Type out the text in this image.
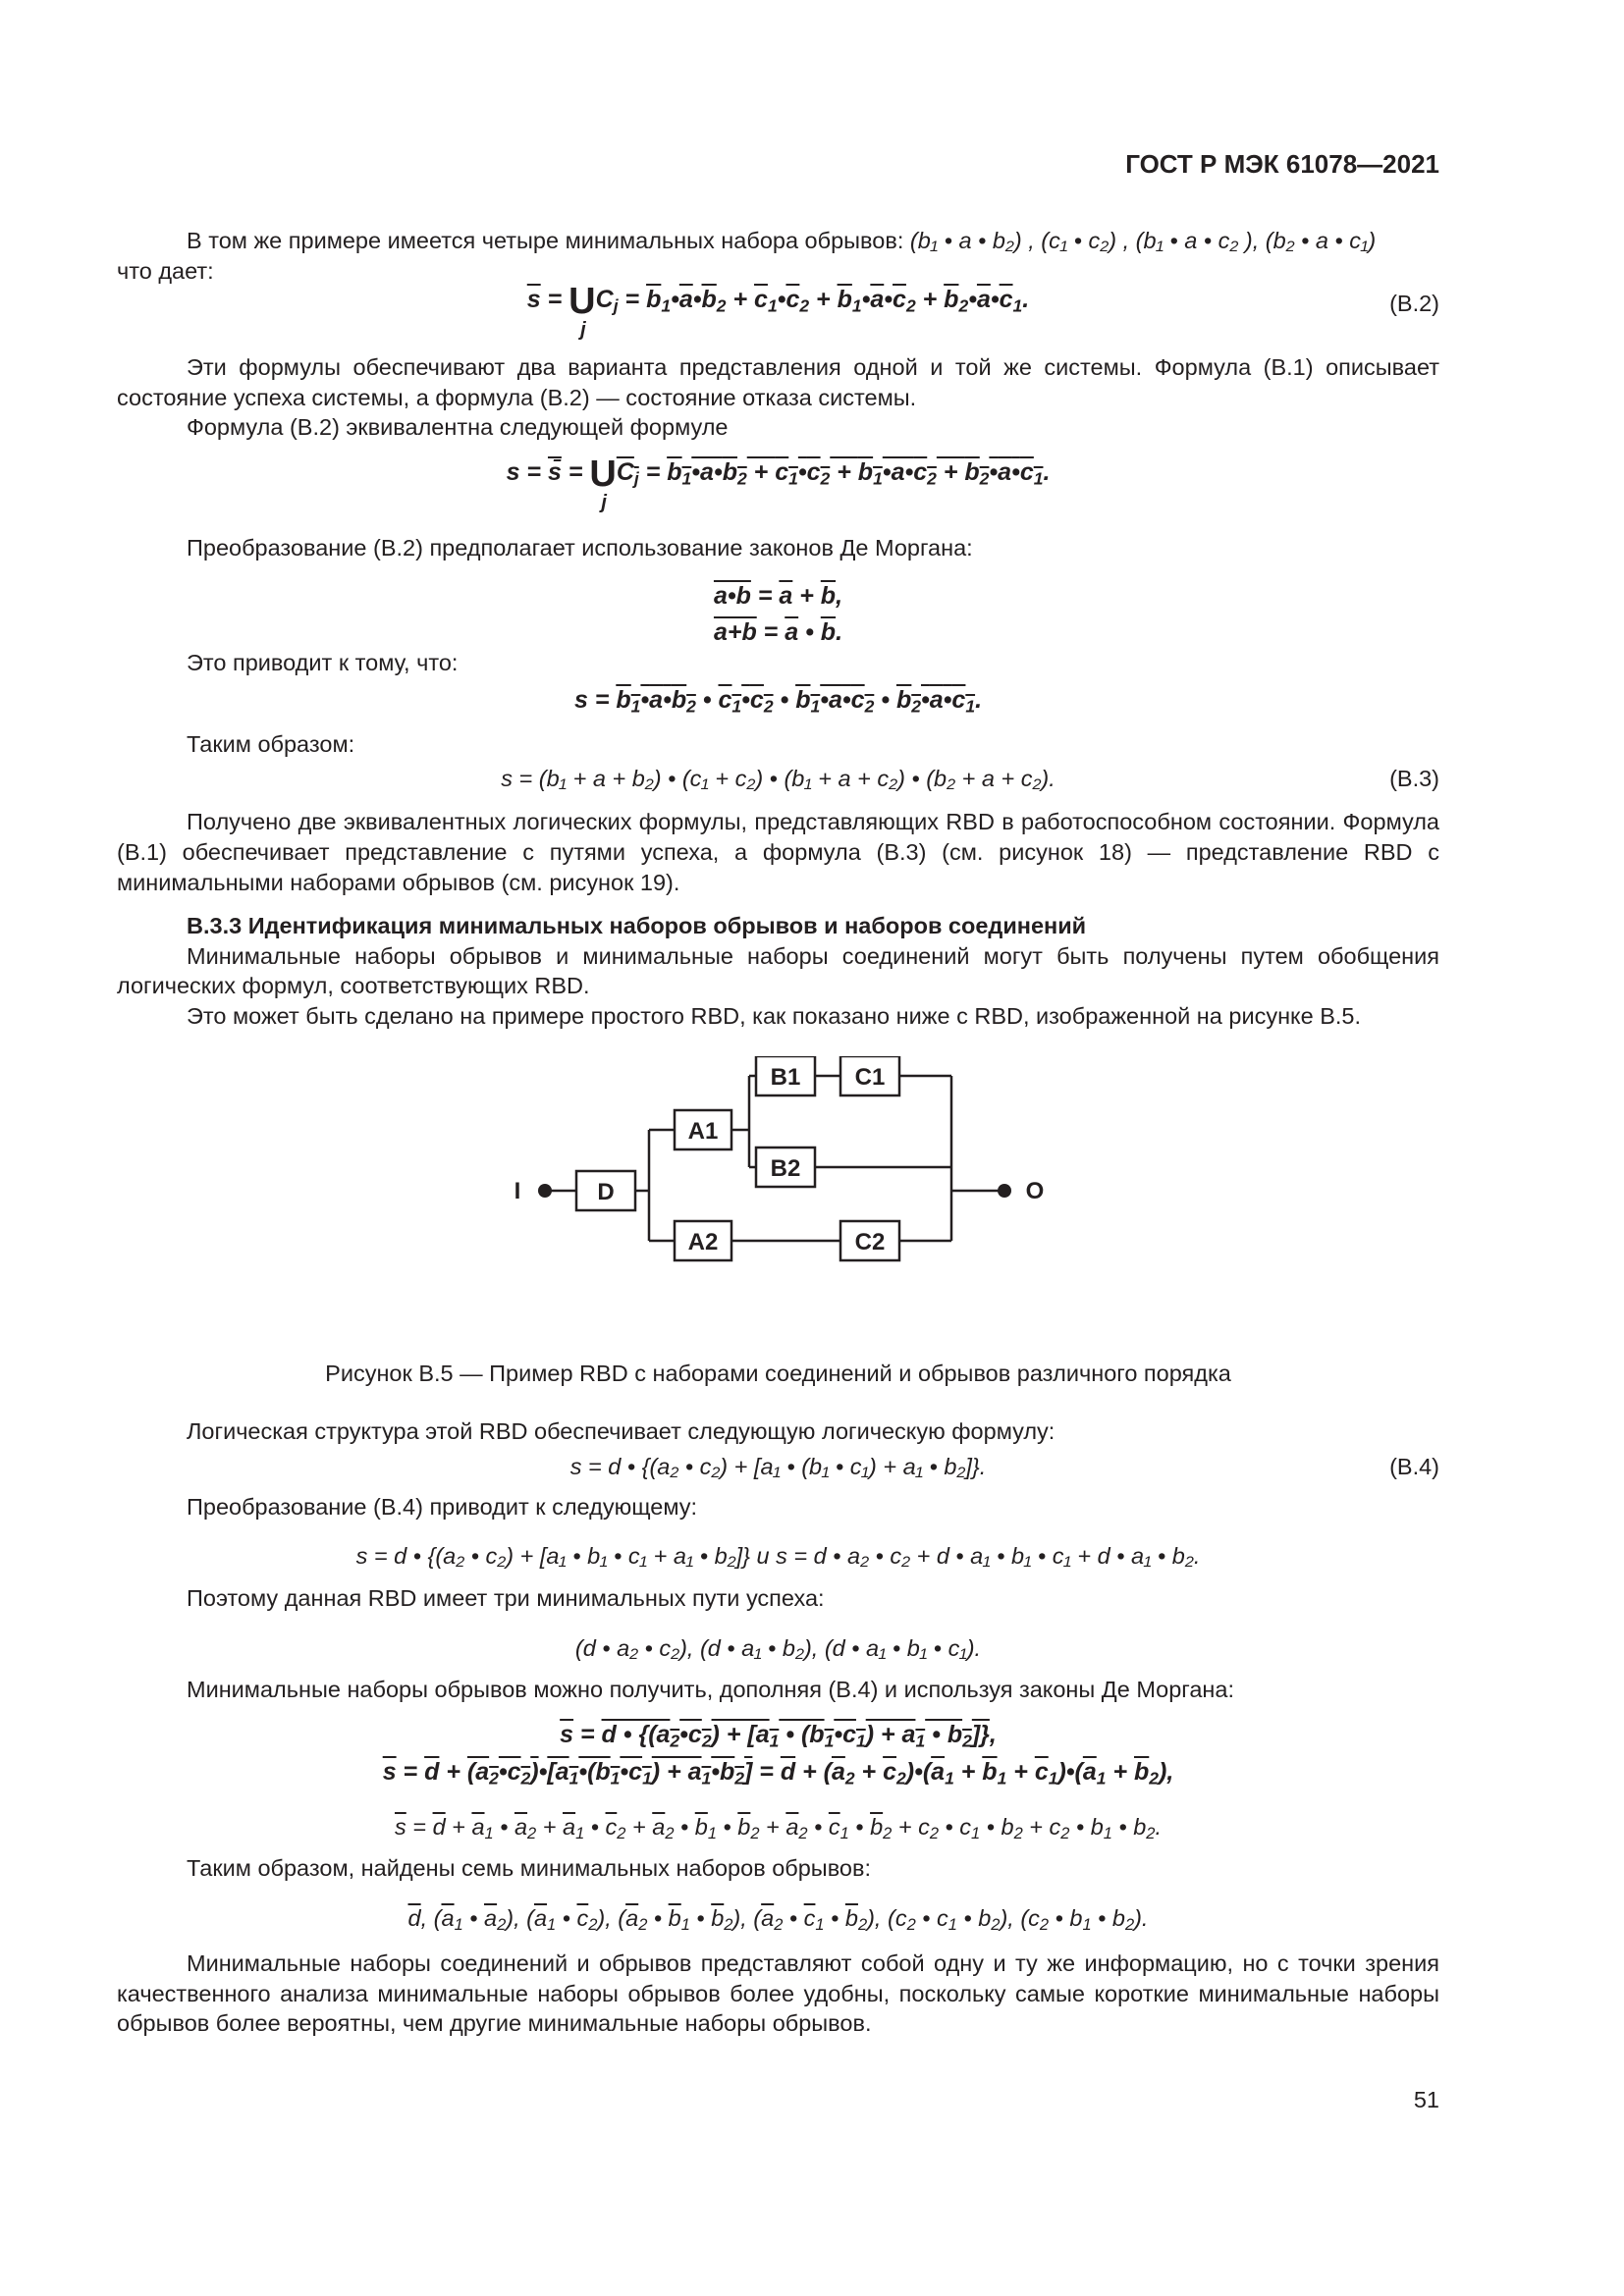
ГОСТ Р МЭК 61078—2021

В том же примере имеется четыре минимальных набора обрывов: (b₁ • a • b₂) , (c₁ • c₂) , (b₁ • a • c₂ ), (b₂ • a • c₁)

что дает:

$\overline{s} = U$
j
$C_j$ = $\overline{b}_1•\overline{a}•\overline{b}_2$ + $\overline{c}_1•\overline{c}_2$ + $\overline{b}_1•\overline{a}•\overline{c}_2$ + $\overline{b}_2•\overline{a}•\overline{c}_1$.	(В.2)

Эти формулы обеспечивают два варианта представления одной и той же системы. Формула (В.1) описывает состояние успеха системы, а формула (В.2) — состояние отказа системы.

Формула (В.2) эквивалентна следующей формуле

s = s̄ = U
j
$C_j$ = $b_1•a•b_2$ + $c_1•c_2$ + $b_1•a•c_2$ + $b_2•a•c_1$.

Преобразование (В.2) предполагает использование законов Де Моргана:

a•b = $\overline{a} + \overline{b}$,
$a+b = \overline{a}$ • $\overline{b}$.

Это приводит к тому, что:

$s = b_1•a•b_2$ • $c_1•c_2$ • $b_1•a•c_2$ • $b_2•a•c_1$.

Таким образом:

s = (b₁ + a + b₂) • (c₁ + c₂) • (b₁ + a + c₂) • (b₂ + a + c₂).	(В.3)

Получено две эквивалентных логических формулы, представляющих RBD в работоспособном состоянии. Формула (В.1) обеспечивает представление с путями успеха, а формула (В.3) (см. рисунок 18) — представление RBD с минимальными наборами обрывов (см. рисунок 19).

В.3.3 Идентификация минимальных наборов обрывов и наборов соединений

Минимальные наборы обрывов и минимальные наборы соединений могут быть получены путем обобщения логических формул, соответствующих RBD.

Это может быть сделано на примере простого RBD, как показано ниже с RBD, изображенной на рисунке В.5.

I	O
D
A1
A2
B1
B2
C1
C2

Рисунок В.5 — Пример RBD с наборами соединений и обрывов различного порядка

Логическая структура этой RBD обеспечивает следующую логическую формулу:

s = d • {(a₂ • c₂) + [a₁ • (b₁ • c₁) + a₁ • b₂]}.	(В.4)

Преобразование (В.4) приводит к следующему:

s = d • {(a₂ • c₂) + [a₁ • b₁ • c₁ + a₁ • b₂]} и s = d • a₂ • c₂ + d • a₁ • b₁ • c₁ + d • a₁ • b₂.

Поэтому данная RBD имеет три минимальных пути успеха:

(d • a₂ • c₂), (d • a₁ • b₂), (d • a₁ • b₁ • c₁).

Минимальные наборы обрывов можно получить, дополняя (В.4) и используя законы Де Моргана:

$\overline{s} = d$ • {$(a_2•c_2) + [a_1$ • $(b_1•c_1) + a_1$ • $b_2$]},
$\overline{s} = \overline{d}$ + $(a_2•c_2)•[a_1•(b_1•c_1)$ + $a_1•b_2] = \overline{d} + (\overline{a}_2$ + $\overline{c}_2)•(\overline{a}_1 + \overline{b}_1$ + $\overline{c}_1)•(\overline{a}_1 + \overline{b}_2)$,
$\overline{s} = \overline{d} + \overline{a}_1$ • $\overline{a}_2 + \overline{a}_1$ • $\overline{c}_2 + \overline{a}_2$ • $\overline{b}_1$ • $\overline{b}_2 + \overline{a}_2$ • $\overline{c}_1$ • $\overline{b}_2 + c_2$ • $c_1$ • $b_2 + c_2$ • $b_1$ • $b_2$.

Таким образом, найдены семь минимальных наборов обрывов:

$\overline{d}$, ($\overline{a}_1$ • $\overline{a}_2$), ($\overline{a}_1$ • $\overline{c}_2$), ($\overline{a}_2$ • $\overline{b}_1$ • $\overline{b}_2$), ($\overline{a}_2$ • $\overline{c}_1$ • $\overline{b}_2$), ($c_2$ • $c_1$ • $b_2$), ($c_2$ • $b_1$ • $b_2$).

Минимальные наборы соединений и обрывов представляют собой одну и ту же информацию, но с точки зрения качественного анализа минимальные наборы обрывов более удобны, поскольку самые короткие минимальные наборы обрывов более вероятны, чем другие минимальные наборы обрывов.

51
